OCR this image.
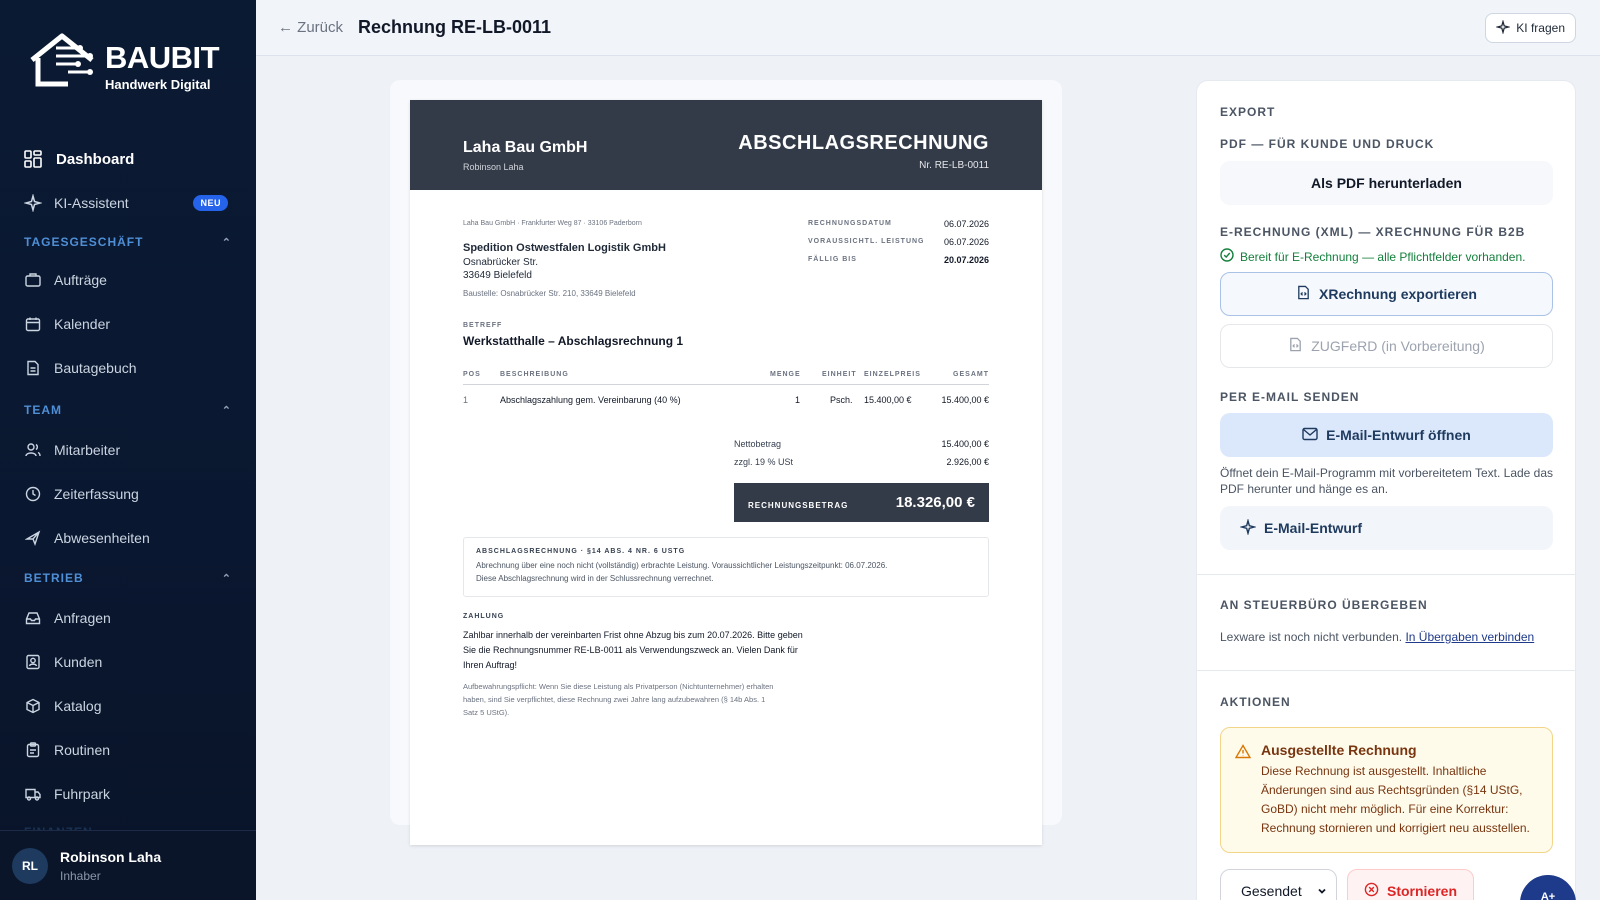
BAUBIT
Handwerk Digital
Dashboard
KI-Assistent	NEU
TAGESGESCHÄFT	⌃
Aufträge
Kalender
Bautagebuch
TEAM	⌃
Mitarbeiter
Zeiterfassung
Abwesenheiten
BETRIEB	⌃
Anfragen
Kunden
Katalog
Routinen
Fuhrpark
RL
Robinson Laha
Inhaber
← Zurück Rechnung RE-LB-0011	KI fragen
Laha Bau GmbH
Robinson Laha
ABSCHLAGSRECHNUNG
Nr. RE-LB-0011
Laha Bau GmbH · Frankfurter Weg 87 · 33106 Paderborn
Spedition Ostwestfalen Logistik GmbH
Osnabrücker Str.
33649 Bielefeld
Baustelle: Osnabrücker Str. 210, 33649 Bielefeld
RECHNUNGSDATUM	06.07.2026
VORAUSSICHTL. LEISTUNG 06.07.2026
FÄLLIG BIS	20.07.2026
BETREFF
Werkstatthalle – Abschlagsrechnung 1
POS	BESCHREIBUNG	MENGE	EINHEIT EINZELPREIS	GESAMT
1	Abschlagszahlung gem. Vereinbarung (40 %)	1	Psch. 15.400,00 €	15.400,00 €
Nettobetrag	15.400,00 €
zzgl. 19 % USt	2.926,00 €
RECHNUNGSBETRAG	18.326,00 €
ABSCHLAGSRECHNUNG · §14 ABS. 4 NR. 6 USTG
Abrechnung über eine noch nicht (vollständig) erbrachte Leistung. Voraussichtlicher Leistungszeitpunkt: 06.07.2026.
Diese Abschlagsrechnung wird in der Schlussrechnung verrechnet.
ZAHLUNG
Zahlbar innerhalb der vereinbarten Frist ohne Abzug bis zum 20.07.2026. Bitte geben
Sie die Rechnungsnummer RE-LB-0011 als Verwendungszweck an. Vielen Dank für
Ihren Auftrag!
Aufbewahrungspflicht: Wenn Sie diese Leistung als Privatperson (Nichtunternehmer) erhalten
haben, sind Sie verpflichtet, diese Rechnung zwei Jahre lang aufzubewahren (§ 14b Abs. 1
Satz 5 UStG).
EXPORT
PDF — FÜR KUNDE UND DRUCK
Als PDF herunterladen
E-RECHNUNG (XML) — XRECHNUNG FÜR B2B
Bereit für E-Rechnung — alle Pflichtfelder vorhanden.
XRechnung exportieren
ZUGFeRD (in Vorbereitung)
PER E-MAIL SENDEN
E-Mail-Entwurf öffnen
Öffnet dein E-Mail-Programm mit vorbereitetem Text. Lade das PDF herunter und hänge es an.
E-Mail-Entwurf
AN STEUERBÜRO ÜBERGEBEN
Lexware ist noch nicht verbunden. In Übergaben verbinden
AKTIONEN
Ausgestellte Rechnung
Diese Rechnung ist ausgestellt. Inhaltliche Änderungen sind aus Rechtsgründen (§14 UStG, GoBD) nicht mehr möglich. Für eine Korrektur: Rechnung stornieren und korrigiert neu ausstellen.
Gesendet	Stornieren	A+
